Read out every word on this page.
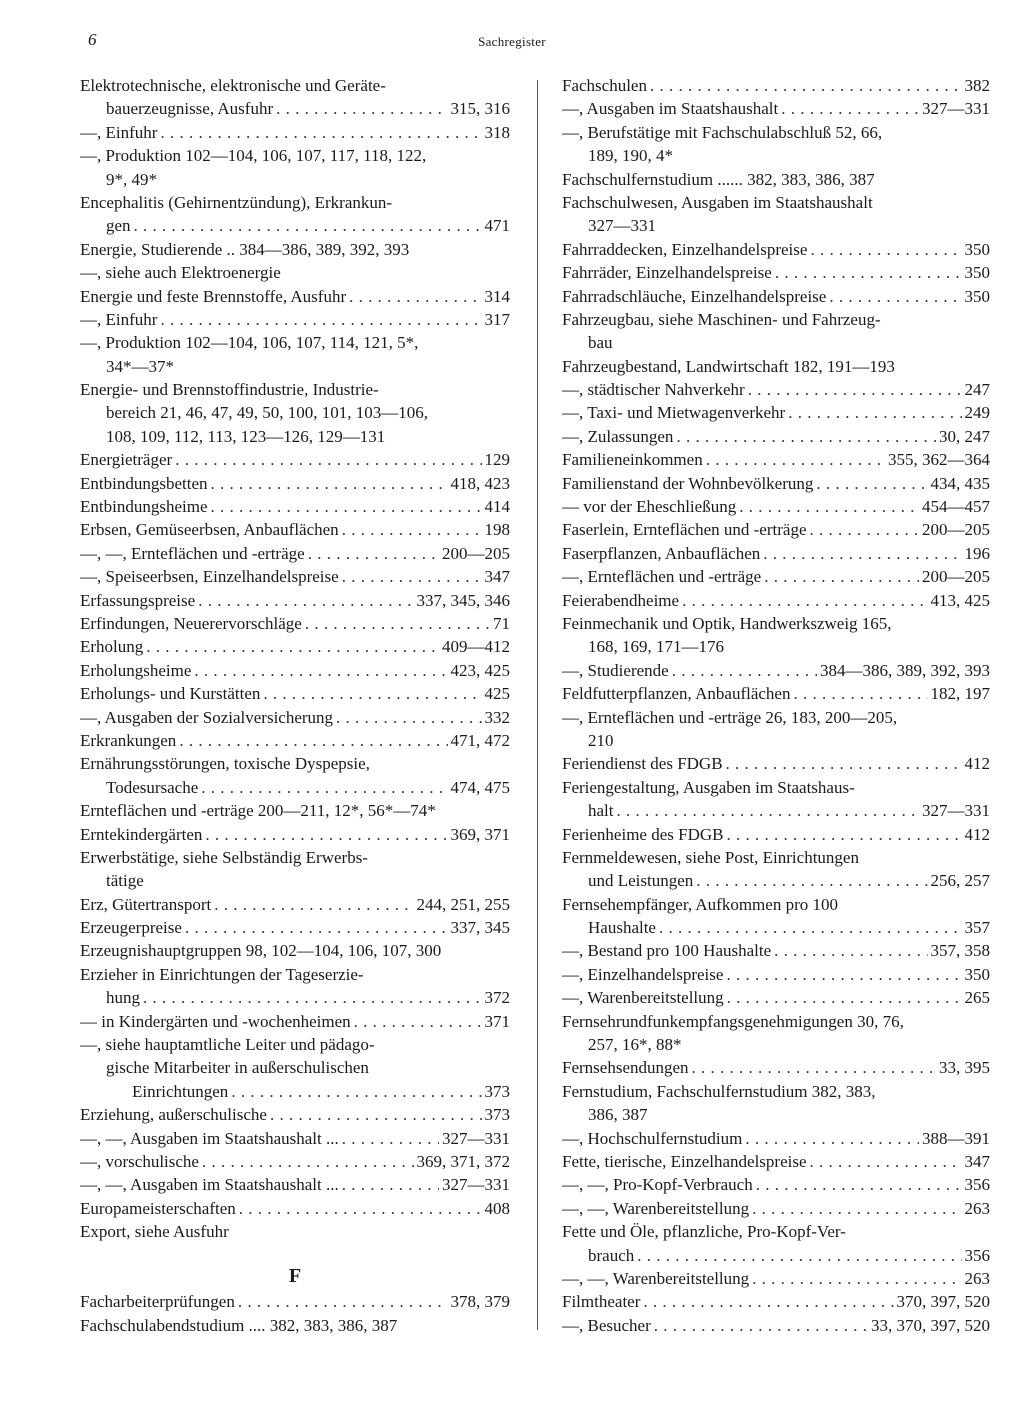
6	Sachregister
Elektrotechnische, elektronische und Geräte-
bauerzeugnisse, Ausfuhr . . .	315, 316
—, Einfuhr . . .	318
—, Produktion 102—104, 106, 107, 117, 118, 122,
9*, 49*
Encephalitis (Gehirnentzündung), Erkrankun-
gen . . .	471
Energie, Studierende .. 384—386, 389, 392, 393
—, siehe auch Elektroenergie
Energie und feste Brennstoffe, Ausfuhr . . .	314
—, Einfuhr . . .	317
—, Produktion 102—104, 106, 107, 114, 121, 5*,
34*—37*
Energie- und Brennstoffindustrie, Industrie-
bereich 21, 46, 47, 49, 50, 100, 101, 103—106,
108, 109, 112, 113, 123—126, 129—131
Energieträger . . .	129
Entbindungsbetten . . .	418, 423
Entbindungsheime . . .	414
Erbsen, Gemüseerbsen, Anbauflächen . . .	198
—, —, Ernteflächen und -erträge . . .	200—205
—, Speiseerbsen, Einzelhandelspreise . . .	347
Erfassungspreise . . .	337, 345, 346
Erfindungen, Neuerervorschläge . . .	71
Erholung . . .	409—412
Erholungsheime . . .	423, 425
Erholungs- und Kurstätten . . .	425
—, Ausgaben der Sozialversicherung . . .	332
Erkrankungen . . .	471, 472
Ernährungsstörungen, toxische Dyspepsie,
Todesursache . . .	474, 475
Ernteflächen und -erträge 200—211, 12*, 56*—74*
Erntekindergärten . . .	369, 371
Erwerbstätige, siehe Selbständig Erwerbs-
tätige
Erz, Gütertransport . . .	244, 251, 255
Erzeugerpreise . . .	337, 345
Erzeugnishauptgruppen 98, 102—104, 106, 107, 300
Erzieher in Einrichtungen der Tageserzie-
hung . . .	372
— in Kindergärten und -wochenheimen . . .	371
—, siehe hauptamtliche Leiter und pädago-
gische Mitarbeiter in außerschulischen
Einrichtungen . . .	373
Erziehung, außerschulische . . .	373
—, —, Ausgaben im Staatshaushalt ... . . .	327—331
—, vorschulische . . .	369, 371, 372
—, —, Ausgaben im Staatshaushalt ... . . .	327—331
Europameisterschaften . . .	408
Export, siehe Ausfuhr
F
Facharbeiterprüfungen . . .	378, 379
Fachschulabendstudium .... 382, 383, 386, 387
Fachschulen . . .	382
—, Ausgaben im Staatshaushalt . . .	327—331
—, Berufstätige mit Fachschulabschluß 52, 66,
189, 190, 4*
Fachschulfernstudium ...... 382, 383, 386, 387
Fachschulwesen, Ausgaben im Staatshaushalt
327—331
Fahrraddecken, Einzelhandelspreise . . .	350
Fahrräder, Einzelhandelspreise . . .	350
Fahrradschläuche, Einzelhandelspreise . . .	350
Fahrzeugbau, siehe Maschinen- und Fahrzeug-
bau
Fahrzeugbestand, Landwirtschaft 182, 191—193
—, städtischer Nahverkehr . . .	247
—, Taxi- und Mietwagenverkehr . . .	249
—, Zulassungen . . .	30, 247
Familieneinkommen . . .	355, 362—364
Familienstand der Wohnbevölkerung . . .	434, 435
— vor der Eheschließung . . .	454—457
Faserlein, Ernteflächen und -erträge . . .	200—205
Faserpflanzen, Anbauflächen . . .	196
—, Ernteflächen und -erträge . . .	200—205
Feierabendheime . . .	413, 425
Feinmechanik und Optik, Handwerkszweig 165,
168, 169, 171—176
—, Studierende . . .	384—386, 389, 392, 393
Feldfutterpflanzen, Anbauflächen . . .	182, 197
—, Ernteflächen und -erträge 26, 183, 200—205,
210
Feriendienst des FDGB . . .	412
Feriengestaltung, Ausgaben im Staatshaus-
halt . . .	327—331
Ferienheime des FDGB . . .	412
Fernmeldewesen, siehe Post, Einrichtungen
und Leistungen . . .	256, 257
Fernsehempfänger, Aufkommen pro 100
Haushalte . . .	357
—, Bestand pro 100 Haushalte . . .	357, 358
—, Einzelhandelspreise . . .	350
—, Warenbereitstellung . . .	265
Fernsehrundfunkempfangsgenehmigungen 30, 76,
257, 16*, 88*
Fernsehsendungen . . .	33, 395
Fernstudium, Fachschulfernstudium 382, 383,
386, 387
—, Hochschulfernstudium . . .	388—391
Fette, tierische, Einzelhandelspreise . . .	347
—, —, Pro-Kopf-Verbrauch . . .	356
—, —, Warenbereitstellung . . .	263
Fette und Öle, pflanzliche, Pro-Kopf-Ver-
brauch . . .	356
—, —, Warenbereitstellung . . .	263
Filmtheater . . .	370, 397, 520
—, Besucher . . .	33, 370, 397, 520
